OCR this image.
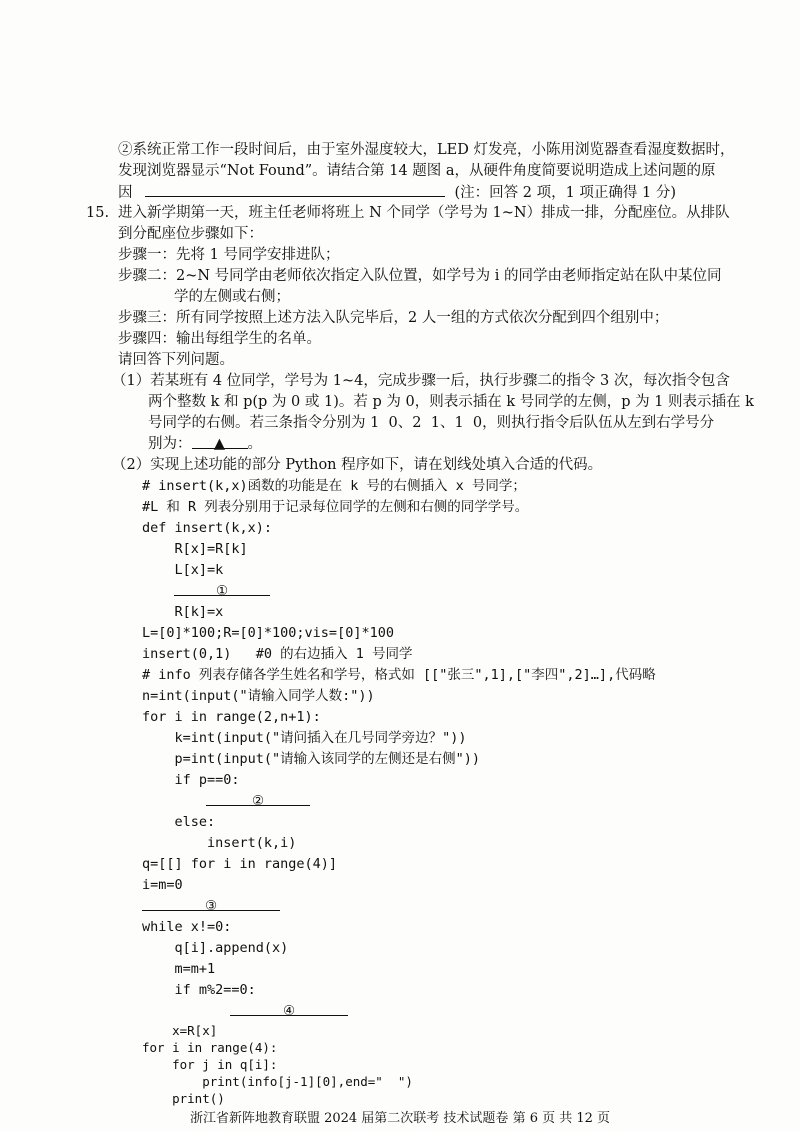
②系统正常工作一段时间后，由于室外湿度较大，LED 灯发亮，小陈用浏览器查看湿度数据时，
发现浏览器显示“Not Found”。请结合第 14 题图 a，从硬件角度简要说明造成上述问题的原
因	(注：回答 2 项，1 项正确得 1 分)
15. 进入新学期第一天，班主任老师将班上 N 个同学（学号为 1~N）排成一排，分配座位。从排队
到分配座位步骤如下：
步骤一：先将 1 号同学安排进队；
步骤二：2~N 号同学由老师依次指定入队位置，如学号为 i 的同学由老师指定站在队中某位同
学的左侧或右侧；
步骤三：所有同学按照上述方法入队完毕后，2 人一组的方式依次分配到四个组别中；
步骤四：输出每组学生的名单。
请回答下列问题。
（1）若某班有 4 位同学，学号为 1~4，完成步骤一后，执行步骤二的指令 3 次，每次指令包含
两个整数 k 和 p(p 为 0 或 1)。若 p 为 0，则表示插在 k 号同学的左侧，p 为 1 则表示插在 k
号同学的右侧。若三条指令分别为 1  0、2  1、1  0，则执行指令后队伍从左到右学号分
别为： ▲ 。
（2）实现上述功能的部分 Python 程序如下，请在划线处填入合适的代码。
# insert(k,x)函数的功能是在 k 号的右侧插入 x 号同学；
#L 和 R 列表分别用于记录每位同学的左侧和右侧的同学学号。
def insert(k,x):
R[x]=R[k]
L[x]=k
①
R[k]=x
L=[0]*100;R=[0]*100;vis=[0]*100
insert(0,1)   #0 的右边插入 1 号同学
# info 列表存储各学生姓名和学号，格式如 [["张三",1],["李四",2]…],代码略
n=int(input("请输入同学人数:"))
for i in range(2,n+1):
k=int(input("请问插入在几号同学旁边？"))
p=int(input("请输入该同学的左侧还是右侧"))
if p==0:
②
else:
insert(k,i)
q=[[] for i in range(4)]
i=m=0
③
while x!=0:
q[i].append(x)
m=m+1
if m%2==0:
④
x=R[x]
for i in range(4):
for j in q[i]:
print(info[j-1][0],end="  ")
print()
浙江省新阵地教育联盟 2024 届第二次联考 技术试题卷 第 6 页 共 12 页
